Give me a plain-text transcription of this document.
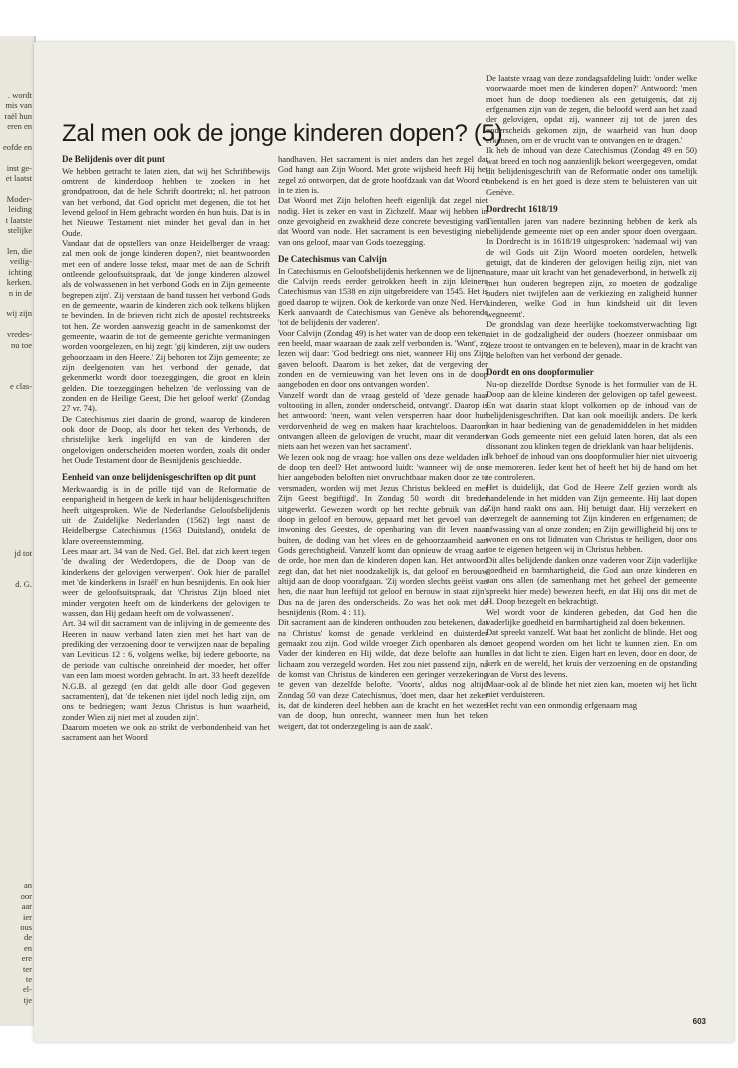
. wordt
mis van
raël hun
eren en
eofde en
inst ge-
et laatst
Moder-
leiding
t laatste
stelijke
len, die
veilig-
ichting
kerken.
n in de
wij zijn
vredes-
nu toe
e clas-
jd tot
d. G.
an
oor
aar
ier
ous
de
en
ere
ter
te
el-
tje
Zal men ook de jonge kinderen dopen? (5)
De Belijdenis over dit punt

We hebben getracht te laten zien, dat wij het Schriftbewijs omtrent de kinderdoop hebben te zoeken in het grondpatroon, dat de hele Schrift doortrekt; nl. het patroon van het verbond, dat God opricht met degenen, die tot het levend geloof in Hem gebracht worden én hun huis. Dat is in het Nieuwe Testament niet minder het geval dan in het Oude.

Vandaar dat de opstellers van onze Heidelberger de vraag: zal men ook de jonge kinderen dopen?, niet beantwoorden met een of andere losse tekst, maar met de aan de Schrift ontleende geloofsuitspraak, dat 'de jonge kinderen alzowel als de volwassenen in het verbond Gods en in Zijn gemeente begrepen zijn'. Zij verstaan de band tussen het verbond Gods en de gemeente, waarin de kinderen zich ook telkens blijken te bevinden. In de brieven richt zich de apostel rechtstreeks tot hen. Ze worden aanwezig geacht in de samenkomst der gemeente, waarin de tot de gemeente gerichte vermaningen worden voorgelezen, en hij zegt: 'gij kinderen, zijt uw ouders gehoorzaam in den Heere.' Zij behoren tot Zijn gemeente; ze zijn deelgenoten van het verbond der genade, dat gekenmerkt wordt door toezeggingen, die groot en klein gelden. Die toezeggingen behelzen 'de verlossing van de zonden en de Heilige Geest, Die het geloof werkt' (Zondag 27 vr. 74).

De Catechismus ziet daarin de grond, waarop de kinderen ook door de Doop, als door het teken des Verbonds, de christelijke kerk ingelijfd en van de kinderen der ongelovigen onderscheiden moeten worden, zoals dit onder het Oude Testament door de Besnijdenis geschiedde.

Eenheid van onze belijdenisgeschriften op dit punt

Merkwaardig is in de prille tijd van de Reformatie de eenparigheid in hetgeen de kerk in haar belijdenisgeschriften heeft uitgesproken. Wie de Nederlandse Geloofsbelijdenis uit de Zuidelijke Nederlanden (1562) legt naast de Heidelbergse Catechismus (1563 Duitsland), ontdekt de klare overeenstemming.

Lees maar art. 34 van de Ned. Gel. Bel. dat zich keert tegen 'de dwaling der Wederdopers, die de Doop van de kinderkens der gelovigen verwerpen'. Ook hier de parallel met 'de kinderkens in Israël' en hun besnijdenis. En ook hier weer de geloofsuitspraak, dat 'Christus Zijn bloed niet minder vergoten heeft om de kinderkens der gelovigen te wassen, dan Hij gedaan heeft om de volwassenen'.

Art. 34 wil dit sacrament van de inlijving in de gemeente des Heeren in nauw verband laten zien met het hart van de prediking der verzoening door te verwijzen naar de bepaling van Leviticus 12 : 6, volgens welke, bij iedere geboorte, na de periode van cultische onreinheid der moeder, het offer van een lam moest worden gebracht. In art. 33 heeft dezelfde N.G.B. al gezegd (en dat geldt alle door God gegeven sacramenten), dat 'de tekenen niet ijdel noch ledig zijn, om ons te bedriegen; want Jezus Christus is hun waarheid, zonder Wien zij niet met al zouden zijn'.

Daarom moeten we ook zo strikt de verbondenheid van het sacrament aan het Woord

handhaven. Het sacrament is niet anders dan het zegel dat God hangt aan Zijn Woord. Met grote wijsheid heeft Hij het zegel zó ontworpen, dat de grote hoofdzaak van dat Woord er in te zien is.

Dat Woord met Zijn beloften heeft eigenlijk dat zegel niet nodig. Het is zeker en vast in Zichzelf. Maar wij hebben in onze gevoigheid en zwakheid deze concrete bevestiging van dat Woord van node. Het sacrament is een bevestiging niet van ons geloof, maar van Gods toezegging.

De Catechismus van Calvijn

In Catechismus en Geloofsbelijdenis herkennen we de lijnen, die Calvijn reeds eerder getrokken heeft in zijn kleinere Catechismus van 1538 en zijn uitgebreidere van 1545. Het is goed daarop te wijzen. Ook de kerkorde van onze Ned. Herv. Kerk aanvaardt de Catechismus van Genève als behorende 'tot de belijdenis der vaderen'.

Voor Calvijn (Zondag 49) is het water van de doop een teken, een beeld, maar waaraan de zaak zelf verbonden is. 'Want', zo lezen wij daar: 'God bedriegt ons niet, wanneer Hij ons Zijn gaven belooft. Daarom is het zeker, dat de vergeving der zonden en de vernieuwing van het leven ons in de doop aangeboden en door ons ontvangen worden'.

Vanzelf wordt dan de vraag gesteld of 'deze genade haar voltooiing in allen, zonder onderscheid, ontvangt'. Daarop is het antwoord: 'neen, want velen versperren haar door hun verdorvenheid de weg en maken haar krachteloos. Daarom ontvangen alleen de gelovigen de vrucht, maar dit verandert niets aan het wezen van het sacrament'.

We lezen ook nog de vraag: hoe vallen ons deze weldaden in de doop ten deel? Het antwoord luidt: 'wanneer wij de ons hier aangeboden beloften niet onvruchtbaar maken door ze te versmaden, worden wij met Jezus Christus bekleed en met Zijn Geest begiftigd'. In Zondag 50 wordt dit breder uitgewerkt. Gewezen wordt op het rechte gebruik van de doop in geloof en berouw, gepaard met het gevoel van de inwoning des Geestes, de openbaring van dit leven naar buiten, de doding van het vlees en de gehoorzaamheid aan Gods gerechtigheid. Vanzelf komt dan opnieuw de vraag aan de orde, hoe men dan de kinderen dopen kan. Het antwoord zegt dan, dat het niet noodzakelijk is, dat geloof en berouw altijd aan de doop voorafgaan. 'Zij worden slechts geëist van hen, die naar hun leeftijd tot geloof en berouw in staat zijn'. Dus na de jaren des onderscheids. Zo was het ook met de besnijdenis (Rom. 4 : 11).

Dit sacrament aan de kinderen onthouden zou betekenen, dat na Christus' komst de genade verkleind en duisterder gemaakt zou zijn. God wilde vroeger Zich openbaren als de Vader der kinderen en Hij wilde, dat deze belofte aan hun lichaam zou verzegeld worden. Het zou niet passend zijn, na de komst van Christus de kinderen een geringer verzekering te geven van dezelfde belofte. 'Voorts', aldus nog altijd Zondag 50 van deze Catechismus, 'doet men, daar het zeker is, dat de kinderen deel hebben aan de kracht en het wezen van de doop, hun onrecht, wanneer men hun het teken weigert, dat tot onderzegeling is aan de zaak'.

De laatste vraag van deze zondagsafdeling luidt: 'onder welke voorwaarde moet men de kinderen dopen?' Antwoord: 'men moet hun de doop toedienen als een getuigenis, dat zij erfgenamen zijn van de zegen, die beloofd werd aan het zaad der gelovigen, opdat zij, wanneer zij tot de jaren des onderscheids gekomen zijn, de waarheid van hun doop erkennen, om er de vrucht van te ontvangen en te dragen.'

Ik heb de inhoud van deze Catechismus (Zondag 49 en 50) wat breed en toch nog aanzienlijk bekort weergegeven, omdat dit belijdenisgeschrift van de Reformatie onder ons tamelijk onbekend is en het goed is deze stem te beluisteren van uit Genève.

Dordrecht 1618/19

Tientallen jaren van nadere bezinning hebben de kerk als belijdende gemeente niet op een ander spoor doen overgaan. In Dordrecht is in 1618/19 uitgesproken: 'nademaal wij van de wil Gods uit Zijn Woord moeten oordelen, hetwelk getuigt, dat de kinderen der gelovigen heilig zijn, niet van nature, maar uit kracht van het genadeverbond, in hetwelk zij met hun ouderen begrepen zijn, zo moeten de godzalige ouders niet twijfelen aan de verkiezing en zaligheid hunner kinderen, welke God in hun kindsheid uit dit leven wegneemt'.

De grondslag van deze heerlijke toekomstverwachting ligt niet in de godzaligheid der ouders (hoezeer onmisbaar om deze troost te ontvangen en te beleven), maar in de kracht van de beloften van het verbond der genade.

Dordt en ons doopformulier

Nu-op diezelfde Dordtse Synode is het formulier van de H. Doop aan de kleine kinderen der gelovigen op tafel geweest. En wat daarin staat klopt volkomen op de inhoud van de belijdenisgeschriften. Dat kan ook moeilijk anders. De kerk kan in haar bediening van de genademiddelen in het midden van Gods gemeente niet een geluid laten horen, dat als een dissonant zou klinken tegen de drieklank van haar belijdenis.

Ik behoef de inhoud van ons doopformulier hier niet uitvoerig te memoreren. Ieder kent het of heeft het bij de hand om het te controleren.

Het is duidelijk, dat God de Heere Zelf gezien wordt als handelende in het midden van Zijn gemeente. Hij laat dopen Zijn hand raakt ons aan. Hij betuigt daar. Hij verzekert en verzegelt de aanneming tot Zijn kinderen en erfgenamen; de afwassing van al onze zonden; en Zijn gewilligheid bij ons te wonen en ons tot lidmaten van Christus te heiligen, door ons toe te eigenen hetgeen wij in Christus hebben.

Dit alles belijdende danken onze vaderen voor Zijn vaderlijke goedheid en barmhartigheid, die God aan onze kinderen en aan ons allen (de samenhang met het geheel der gemeente spreekt hier mede) bewezen heeft, en dat Hij ons dit met de H. Doop bezegelt en bekrachtigt.

Wel wordt voor de kinderen gebeden, dat God hen die vaderlijke goedheid en barmhartigheid zal doen bekennen.

Dat spreekt vanzelf. Wat baat het zonlicht de blinde. Het oog moet geopend worden om het licht te kunnen zien. En om alles in dat licht te zien. Eigen hart en leven, door en door, de kerk en de wereld, het kruis der verzoening en de opstanding van de Vorst des levens.

Maar-ook al de blinde het niet zien kan, moeten wij het licht niet verduisteren.

Het recht van een onmondig erfgenaam mag

603
